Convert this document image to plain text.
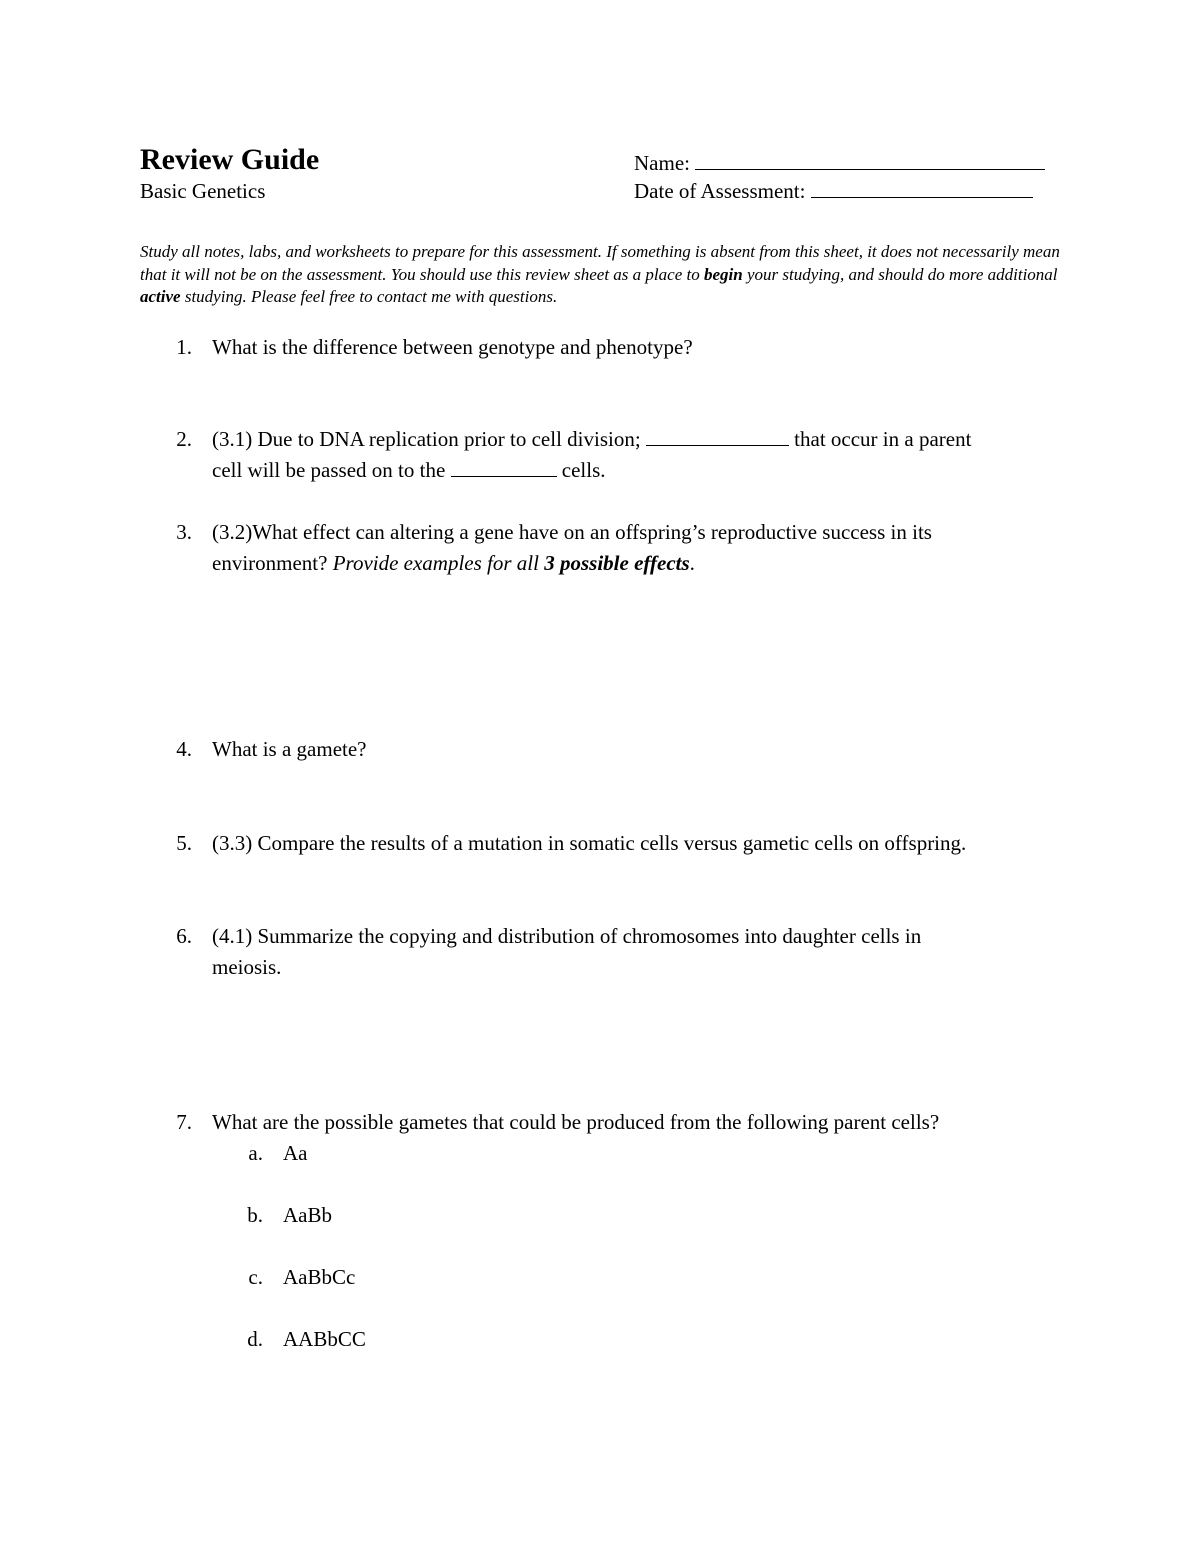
Review Guide
Basic Genetics
Name:
Date of Assessment:
Study all notes, labs, and worksheets to prepare for this assessment. If something is absent from this sheet, it does not necessarily mean that it will not be on the assessment. You should use this review sheet as a place to begin your studying, and should do more additional active studying. Please feel free to contact me with questions.
1. What is the difference between genotype and phenotype?
2. (3.1) Due to DNA replication prior to cell division;	that occur in a parent
cell will be passed on to the	cells.
3. (3.2)What effect can altering a gene have on an offspring’s reproductive success in its
environment? Provide examples for all 3 possible effects.
4. What is a gamete?
5. (3.3) Compare the results of a mutation in somatic cells versus gametic cells on offspring.
6. (4.1) Summarize the copying and distribution of chromosomes into daughter cells in
meiosis.
7. What are the possible gametes that could be produced from the following parent cells?
a. Aa
b. AaBb
c. AaBbCc
d. AABbCC
